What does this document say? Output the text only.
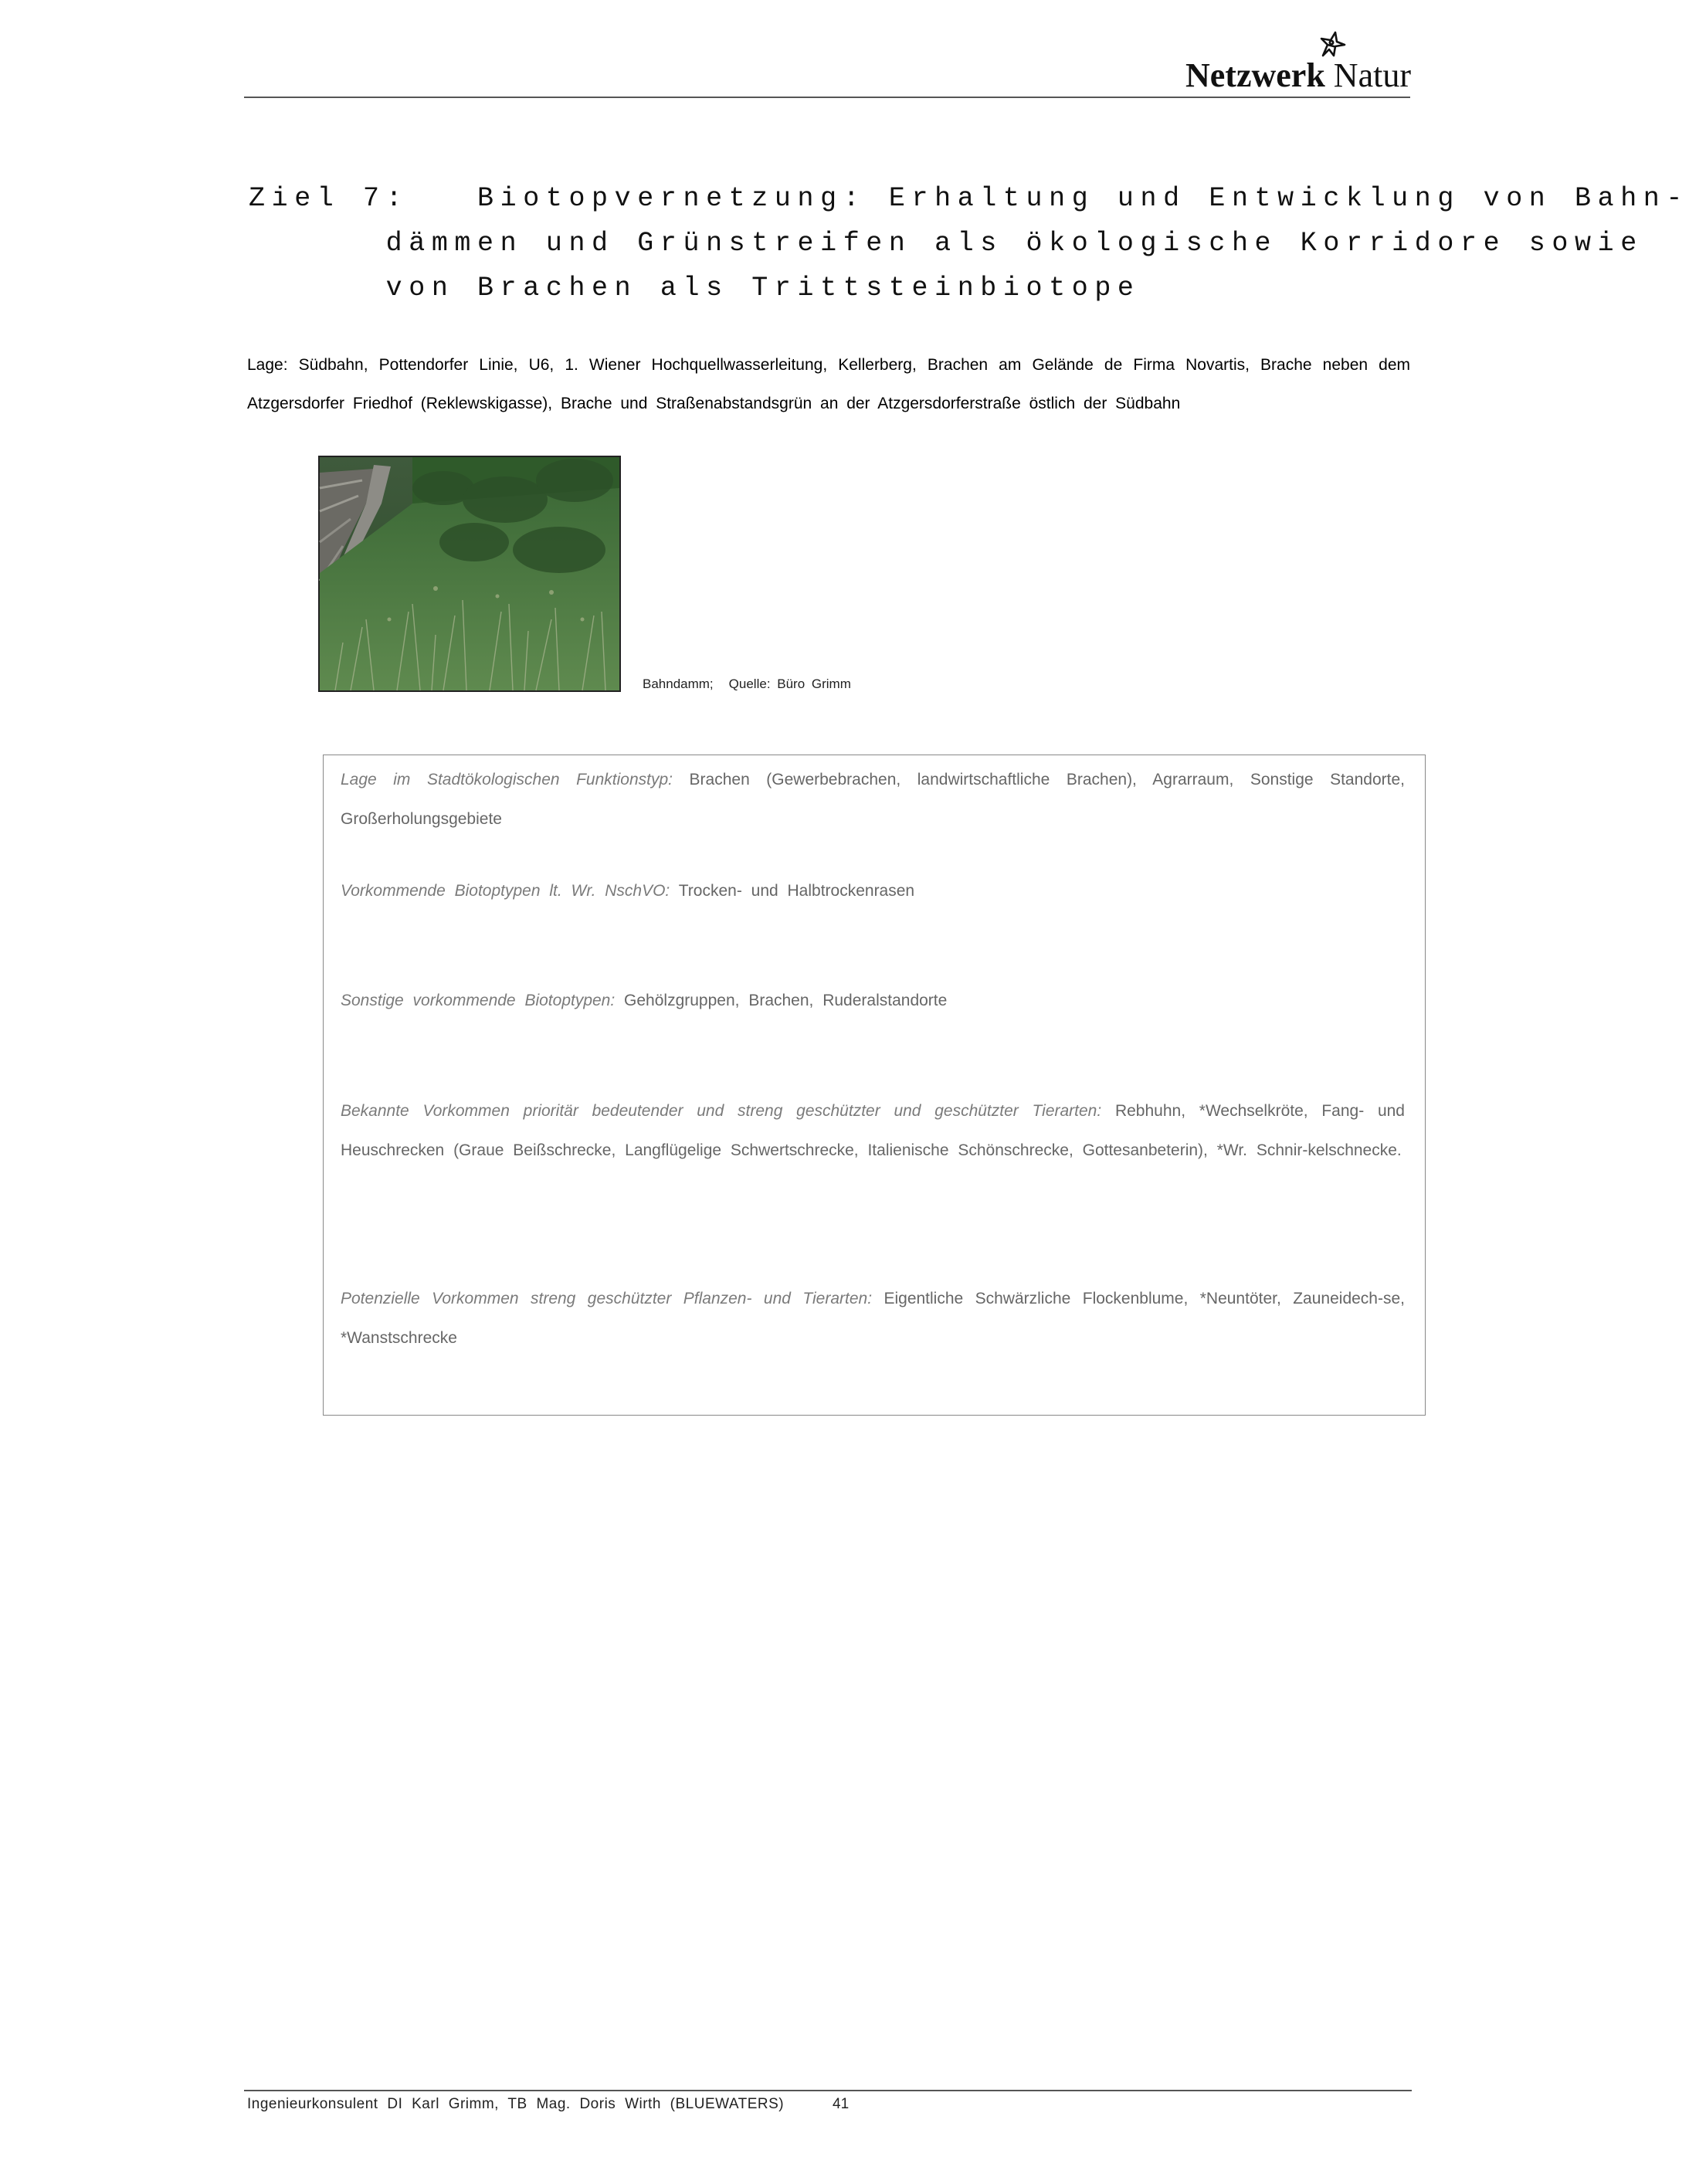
Netzwerk Natur
Ziel 7:   Biotopvernetzung: Erhaltung und Entwicklung von Bahn-
dämmen und Grünstreifen als ökologische Korridore sowie
von Brachen als Trittsteinbiotope
Lage: Südbahn, Pottendorfer Linie, U6, 1. Wiener Hochquellwasserleitung, Kellerberg, Brachen am Gelände de Firma Novartis, Brache neben dem Atzgersdorfer Friedhof (Reklewskigasse), Brache und Straßenabstandsgrün an der Atzgersdorferstraße östlich der Südbahn
Bahndamm; Quelle: Büro Grimm
Lage im Stadtökologischen Funktionstyp: Brachen (Gewerbebrachen, landwirtschaftliche Brachen), Agrarraum, Sonstige Standorte, Großerholungsgebiete
Vorkommende Biotoptypen lt. Wr. NschVO: Trocken- und Halbtrockenrasen
Sonstige vorkommende Biotoptypen: Gehölzgruppen, Brachen, Ruderalstandorte
Bekannte Vorkommen prioritär bedeutender und streng geschützter und geschützter Tierarten: Rebhuhn, *Wechselkröte, Fang- und Heuschrecken (Graue Beißschrecke, Langflügelige Schwertschrecke, Italienische Schönschrecke, Gottesanbeterin), *Wr. Schnir-kelschnecke.
Potenzielle Vorkommen streng geschützter Pflanzen- und Tierarten: Eigentliche Schwärzliche Flockenblume, *Neuntöter, Zauneidech-se, *Wanstschrecke
Ingenieurkonsulent DI Karl Grimm, TB Mag. Doris Wirth (BLUEWATERS)	41
